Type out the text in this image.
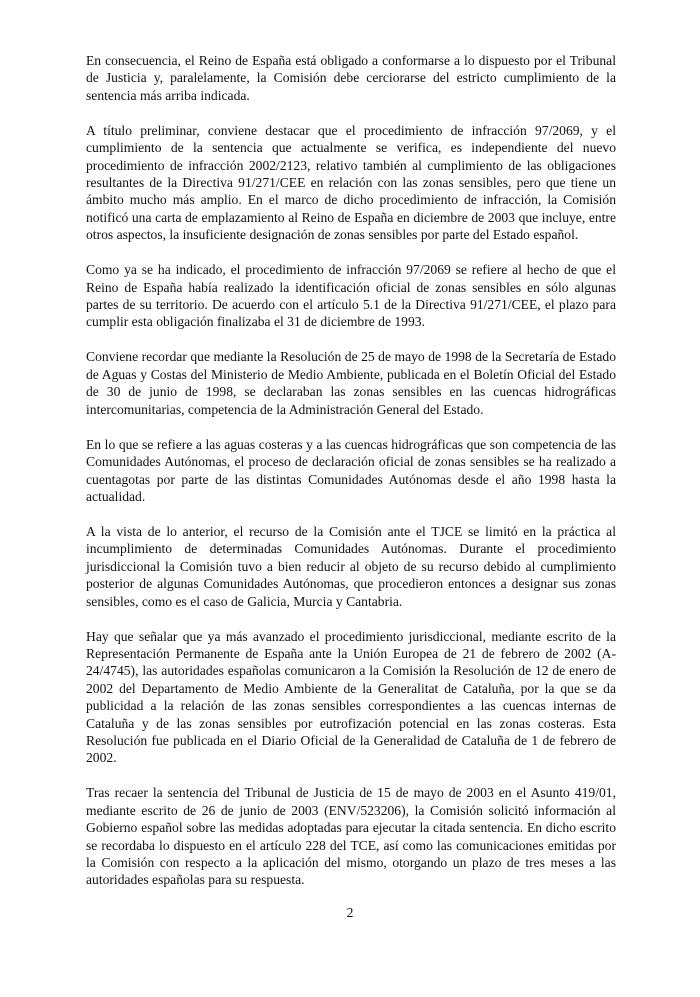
En consecuencia, el Reino de España está obligado a conformarse a lo dispuesto por el Tribunal de Justicia y, paralelamente, la Comisión debe cerciorarse del estricto cumplimiento de la sentencia más arriba indicada.

A título preliminar, conviene destacar que el procedimiento de infracción 97/2069, y el cumplimiento de la sentencia que actualmente se verifica, es independiente del nuevo procedimiento de infracción 2002/2123, relativo también al cumplimiento de las obligaciones resultantes de la Directiva 91/271/CEE en relación con las zonas sensibles, pero que tiene un ámbito mucho más amplio. En el marco de dicho procedimiento de infracción, la Comisión notificó una carta de emplazamiento al Reino de España en diciembre de 2003 que incluye, entre otros aspectos, la insuficiente designación de zonas sensibles por parte del Estado español.

Como ya se ha indicado, el procedimiento de infracción 97/2069 se refiere al hecho de que el Reino de España había realizado la identificación oficial de zonas sensibles en sólo algunas partes de su territorio. De acuerdo con el artículo 5.1 de la Directiva 91/271/CEE, el plazo para cumplir esta obligación finalizaba el 31 de diciembre de 1993.

Conviene recordar que mediante la Resolución de 25 de mayo de 1998 de la Secretaría de Estado de Aguas y Costas del Ministerio de Medio Ambiente, publicada en el Boletín Oficial del Estado de 30 de junio de 1998, se declaraban las zonas sensibles en las cuencas hidrográficas intercomunitarias, competencia de la Administración General del Estado.

En lo que se refiere a las aguas costeras y a las cuencas hidrográficas que son competencia de las Comunidades Autónomas, el proceso de declaración oficial de zonas sensibles se ha realizado a cuentagotas por parte de las distintas Comunidades Autónomas desde el año 1998 hasta la actualidad.

A la vista de lo anterior, el recurso de la Comisión ante el TJCE se limitó en la práctica al incumplimiento de determinadas Comunidades Autónomas. Durante el procedimiento jurisdiccional la Comisión tuvo a bien reducir al objeto de su recurso debido al cumplimiento posterior de algunas Comunidades Autónomas, que procedieron entonces a designar sus zonas sensibles, como es el caso de Galicia, Murcia y Cantabria.

Hay que señalar que ya más avanzado el procedimiento jurisdiccional, mediante escrito de la Representación Permanente de España ante la Unión Europea de 21 de febrero de 2002 (A-24/4745), las autoridades españolas comunicaron a la Comisión la Resolución de 12 de enero de 2002 del Departamento de Medio Ambiente de la Generalitat de Cataluña, por la que se da publicidad a la relación de las zonas sensibles correspondientes a las cuencas internas de Cataluña y de las zonas sensibles por eutrofización potencial en las zonas costeras. Esta Resolución fue publicada en el Diario Oficial de la Generalidad de Cataluña de 1 de febrero de 2002.

Tras recaer la sentencia del Tribunal de Justicia de 15 de mayo de 2003 en el Asunto 419/01, mediante escrito de 26 de junio de 2003 (ENV/523206), la Comisión solicitó información al Gobierno español sobre las medidas adoptadas para ejecutar la citada sentencia. En dicho escrito se recordaba lo dispuesto en el artículo 228 del TCE, así como las comunicaciones emitidas por la Comisión con respecto a la aplicación del mismo, otorgando un plazo de tres meses a las autoridades españolas para su respuesta.

2
